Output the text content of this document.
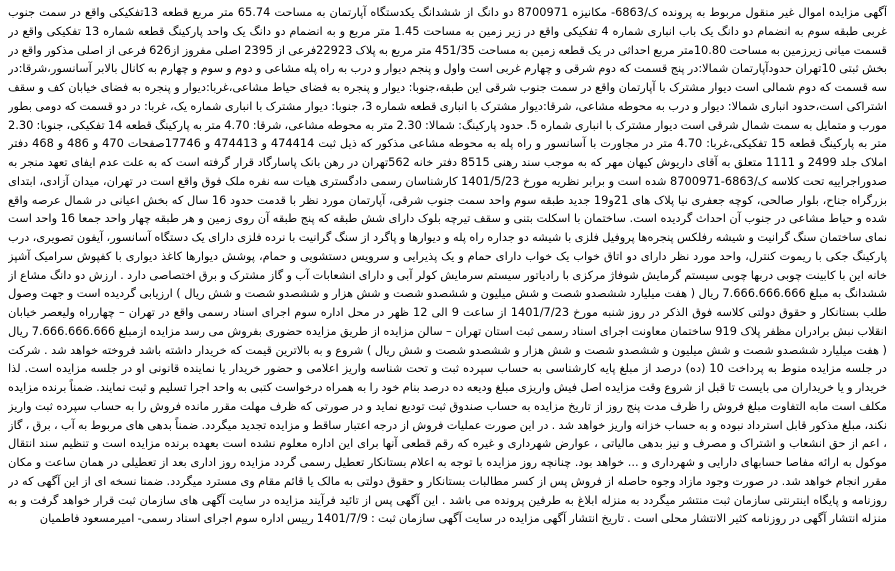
آگهی مزایده اموال غیر منقول مربوط به پرونده ک/6863- مکانیزه 8700971 دو دانگ از ششدانگ یکدستگاه آپارتمان به مساحت 65.74 متر مربع قطعه 13تفکیکی واقع در سمت جنوب غربی طبقه سوم به انضمام دو دانگ یک باب انباری شماره 4 تفکیکی واقع در زیر زمین به مساحت 1.45 متر مربع و به انضمام دو دانگ یک واحد پارکینگ قطعه شماره 13 تفکیکی واقع در قسمت میانی زیرزمین به مساحت 10.80متر مربع احداثی در یک قطعه زمین به مساحت 451/35 متر مربع به پلاک 22923فرعی از 2395 اصلی مفروز از626 فرعی از اصلی مذکور واقع در بخش ثبتی 10تهران حدودآپارتمان شمالا:در پنج قسمت که دوم شرقی و چهارم غربی است واول و پنجم دیوار و درب به راه پله مشاعی و دوم و سوم و چهارم به کانال بالابر آسانسور،شرقا:در سه قسمت که دوم شمالی است دیوار مشترک با آپارتمان واقع در سمت جنوب شرقی این طبقه،جنوبا: دیوار و پنجره به فضای حیاط مشاعی،غربا:دیوار و پنجره به فضای خیابان کف و سقف اشتراکی است،حدود انباری شمالا: دیوار و درب به محوطه مشاعی، شرقا:دیوار مشترک با انباری قطعه شماره 3، جنوبا: دیوار مشترک با انباری شماره یک، غربا: در دو قسمت که دومی بطور مورب و متمایل به سمت شمال شرقی است دیوار مشترک با انباری شماره 5. حدود پارکینگ: شمالا: 2.30 متر به محوطه مشاعی، شرقا: 4.70 متر به پارکینگ قطعه 14 تفکیکی، جنوبا: 2.30 متر به پارکینگ قطعه 15 تفکیکی،غربا: 4.70 متر در مجاورت با آسانسور و راه پله به محوطه مشاعی مذکور که ذیل ثبت 474414 و 474413 و 17746صفحات 470 و 486 و 468 دفتر املاک جلد 2499 و 1111 متعلق به آقای داریوش کیهان مهر که به موجب سند رهنی 8515 دفتر خانه 562تهران در رهن بانک پاسارگاد قرار گرفته است که به علت عدم ایفای تعهد منجر به صدوراجراییه تحت کلاسه ک/6863-8700971 شده است و برابر نظریه مورخ 1401/5/23 کارشناسان رسمی دادگستری هیات سه نفره ملک فوق واقع است در تهران، میدان آزادی، ابتدای بزرگراه جناح، بلوار صالحی، کوچه جعفری نیا پلاک های 21و19 جدید طبقه سوم واحد سمت جنوب شرقی، آپارتمان مورد نظر با قدمت حدود 16 سال که بخش اعیانی در شمال عرصه واقع شده و حیاط مشاعی در جنوب آن احداث گردیده است. ساختمان با اسکلت بتنی و سقف تیرچه بلوک دارای شش طبقه که پنج طبقه آن روی زمین و هر طبقه چهار واحد جمعا 16 واحد است نمای ساختمان سنگ گرانیت و شیشه رفلکس پنجره‌ها پروفیل فلزی با شیشه دو جداره راه پله و دیوارها و پاگرد از سنگ گرانیت با نرده فلزی دارای یک دستگاه آسانسور، آیفون تصویری، درب پارکینگ جکی با ریموت کنترل، واحد مورد نظر دارای دو اتاق خواب یک خواب دارای حمام و یک پذیرایی و سرویس دستشویی و حمام، پوشش دیوارها کاغذ دیواری با کفپوش سرامیک آشپز خانه این با کابینت چوبی دربها چوبی سیستم گرمایش شوفاژ مرکزی با رادیاتور سیستم سرمایش کولر آبی و دارای انشعابات آب و گاز مشترک و برق اختصاصی دارد . ارزش دو دانگ مشاع از ششدانگ به مبلغ 7.666.666.666 ریال ( هفت میلیارد ششصدو شصت و شش میلیون و ششصدو شصت و شش هزار و ششصدو شصت و شش ریال ) ارزیابی گردیده است و جهت وصول طلب بستانکار و حقوق دولتی کلاسه فوق الذکر در روز شنبه مورخ 1401/7/23 از ساعت 9 الی 12 ظهر در محل اداره سوم اجرای اسناد رسمی واقع در تهران – چهارراه ولیعصر خیابان انقلاب نبش برادران مظفر پلاک 919 ساختمان معاونت اجرای اسناد رسمی ثبت استان تهران – سالن مزایده از طریق مزایده حضوری بفروش می رسد مزایده ازمبلغ 7.666.666.666 ریال ( هفت میلیارد ششصدو شصت و شش میلیون و ششصدو شصت و شش هزار و ششصدو شصت و شش ریال ) شروع و به بالاترین قیمت که خریدار داشته باشد فروخته خواهد شد . شرکت در جلسه مزایده منوط به پرداخت 10 (ده) درصد از مبلغ پایه کارشناسی به حساب سپرده ثبت و تحت شناسه واریز اعلامی و حضور خریدار یا نماینده قانونی او در جلسه مزایده است. لذا خریدار و یا خریداران می بایست تا قبل از شروع وقت مزایده اصل فیش واریزی مبلغ ودیعه ده درصد بنام خود را به همراه درخواست کتبی به واحد اجرا تسلیم و ثبت نمایند. ضمناً برنده مزایده مکلف است مابه التفاوت مبلغ فروش را ظرف مدت پنج روز از تاریخ مزایده به حساب صندوق ثبت تودیع نماید و در صورتی که ظرف مهلت مقرر مانده فروش را به حساب سپرده ثبت واریز نکند، مبلغ مذکور قابل استرداد نبوده و به حساب خزانه واریز خواهد شد . در این صورت عملیات فروش از درجه اعتبار ساقط و مزایده تجدید میگردد. ضمناً بدهی های مربوط به آب ، برق ، گاز ، اعم از حق انشعاب و اشتراک و مصرف و نیز بدهی مالیاتی ، عوارض شهرداری و غیره که رقم قطعی آنها برای این اداره معلوم نشده است بعهده برنده مزایده است و تنظیم سند انتقال موکول به ارائه مفاصا حسابهای دارایی و شهرداری و ... خواهد بود. چنانچه روز مزایده با توجه به اعلام بستانکار تعطیل رسمی گردد مزایده روز اداری بعد از تعطیلی در همان ساعت و مکان مقرر انجام خواهد شد. در صورت وجود مازاد وجوه حاصله از فروش پس از کسر مطالبات بستانکار و حقوق دولتی به مالک یا قائم مقام وی مسترد میگردد. ضمنا نسخه ای از این آگهی که در روزنامه و پایگاه اینترنتی سازمان ثبت منتشر میگردد به منزله ابلاغ به طرفین پرونده می باشد . این آگهی پس از تائید فرآیند مزایده در سایت آگهی های سازمان ثبت قرار خواهد گرفت و به منزله انتشار آگهی در روزنامه کثیر الانتشار محلی است . تاریخ انتشار آگهی مزایده در سایت آگهی سازمان ثبت : 1401/7/9 رییس اداره سوم اجرای اسناد رسمی- امیرمسعود فاطمیان
